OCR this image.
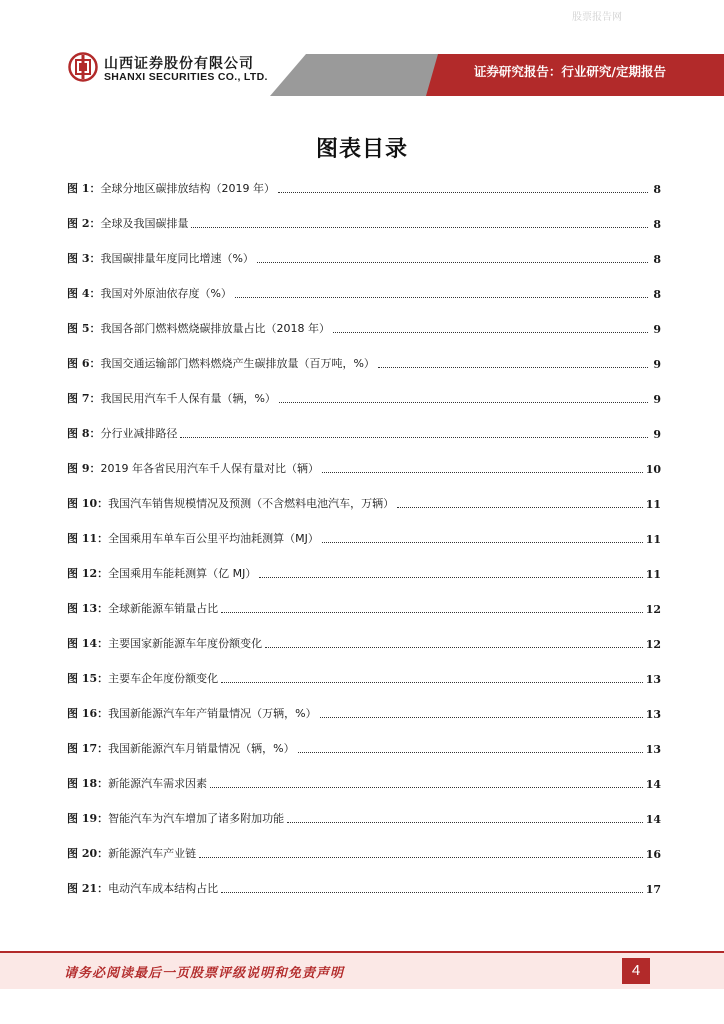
股票报告网
山西证券股份有限公司
SHANXI SECURITIES CO., LTD.	证券研究报告：行业研究/定期报告
图表目录
图 1：全球分地区碳排放结构（2019 年）	8
图 2：全球及我国碳排量	8
图 3：我国碳排量年度同比增速（%）	8
图 4：我国对外原油依存度（%）	8
图 5：我国各部门燃料燃烧碳排放量占比（2018 年）	9
图 6：我国交通运输部门燃料燃烧产生碳排放量（百万吨，%）	9
图 7：我国民用汽车千人保有量（辆，%）	9
图 8：分行业减排路径	9
图 9：2019 年各省民用汽车千人保有量对比（辆）	10
图 10：我国汽车销售规模情况及预测（不含燃料电池汽车，万辆）	11
图 11：全国乘用车单车百公里平均油耗测算（MJ）	11
图 12：全国乘用车能耗测算（亿 MJ）	11
图 13：全球新能源车销量占比	12
图 14：主要国家新能源车年度份额变化	12
图 15：主要车企年度份额变化	13
图 16：我国新能源汽车年产销量情况（万辆，%）	13
图 17：我国新能源汽车月销量情况（辆，%）	13
图 18：新能源汽车需求因素	14
图 19：智能汽车为汽车增加了诸多附加功能	14
图 20：新能源汽车产业链	16
图 21：电动汽车成本结构占比	17
请务必阅读最后一页股票评级说明和免责声明	4
